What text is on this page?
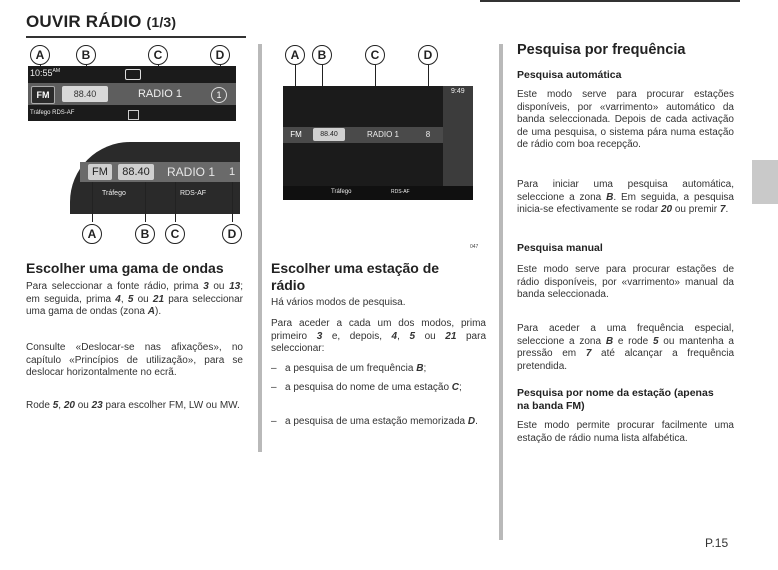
OUVIR RÁDIO (1/3)
A	B	C	D
$10:55^{AM}$
FM	88.40	RADIO 1	1
Tráfego RDS-AF
FM	88.40	RADIO 1	1
Tráfego	RDS-AF
A	B	C	D
A	B	C	D
9:49
FM	88.40	RADIO 1	8
Tráfego	RDS-AF
047
Escolher uma gama de ondas

Para seleccionar a fonte rádio, prima 3 ou 13; em seguida, prima 4, 5 ou 21 para seleccionar uma gama de ondas (zona A).

Consulte «Deslocar-se nas afixações», no capítulo «Princípios de utilização», para se deslocar horizontalmente no ecrã.

Rode 5, 20 ou 23 para escolher FM, LW ou MW.

Escolher uma estação de rádio

Há vários modos de pesquisa.

Para aceder a cada um dos modos, prima primeiro 3 e, depois, 4, 5 ou 21 para seleccionar:

– a pesquisa de um frequência B;

– a pesquisa do nome de uma estação C;

– a pesquisa de uma estação memorizada D.

Pesquisa por frequência

Pesquisa automática

Este modo serve para procurar estações disponíveis, por «varrimento» automático da banda seleccionada. Depois de cada activação de uma pesquisa, o sistema pára numa estação de rádio com boa recepção.

Para iniciar uma pesquisa automática, seleccione a zona B. Em seguida, a pesquisa inicia-se efectivamente se rodar 20 ou premir 7.

Pesquisa manual

Este modo serve para procurar estações de rádio disponíveis, por «varrimento» manual da banda seleccionada.

Para aceder a uma frequência especial, seleccione a zona B e rode 5 ou mantenha a pressão em 7 até alcançar a frequência pretendida.

Pesquisa por nome da estação (apenas na banda FM)

Este modo permite procurar facilmente uma estação de rádio numa lista alfabética.

P.15
